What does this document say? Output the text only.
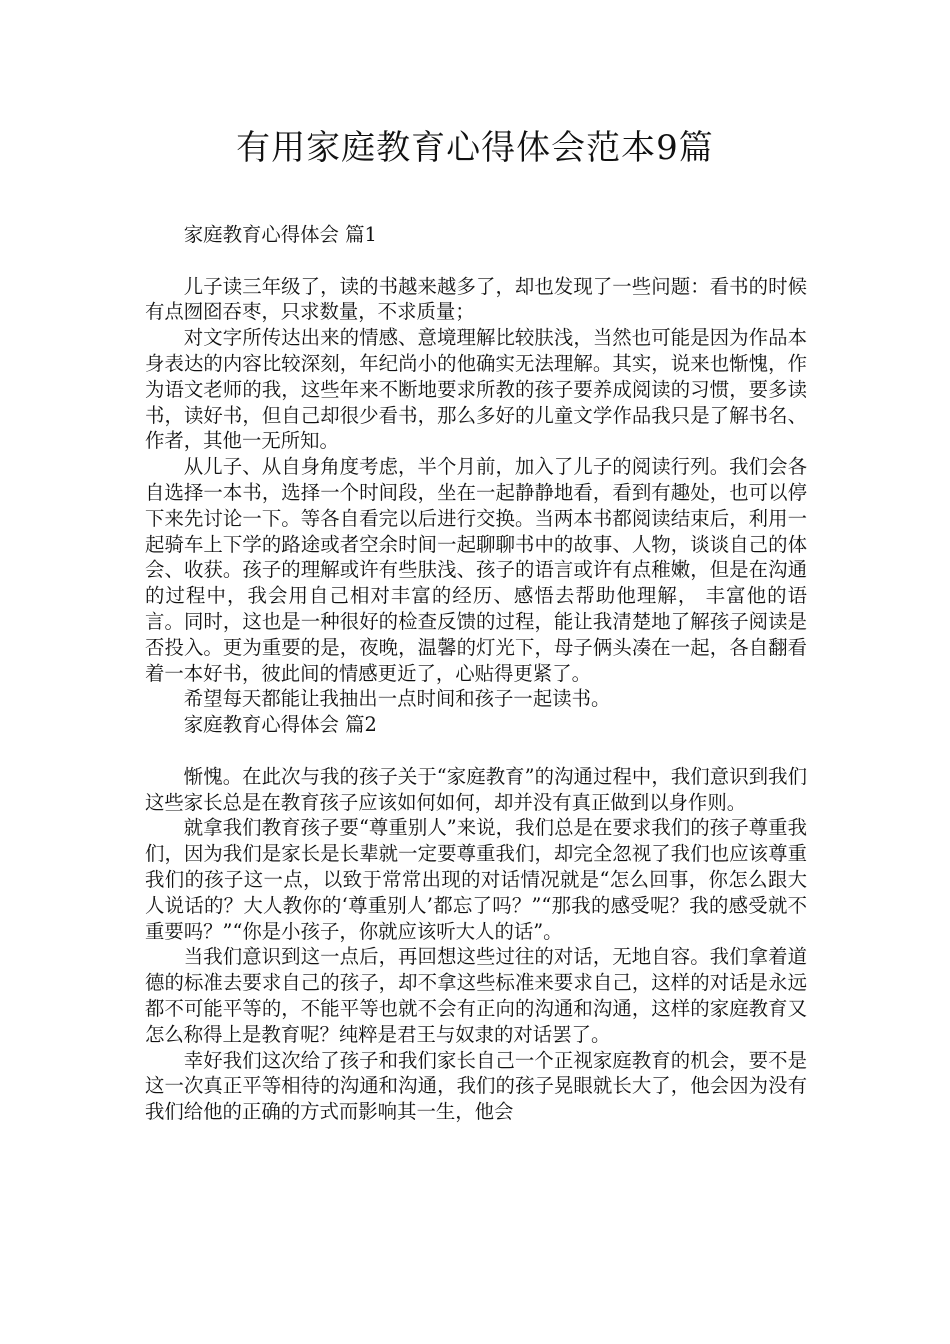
有用家庭教育心得体会范本9篇

家庭教育心得体会 篇1

儿子读三年级了，读的书越来越多了，却也发现了一些问题：看书的时候有点囫囵吞枣，只求数量，不求质量；

对文字所传达出来的情感、意境理解比较肤浅，当然也可能是因为作品本身表达的内容比较深刻，年纪尚小的他确实无法理解。其实，说来也惭愧，作为语文老师的我，这些年来不断地要求所教的孩子要养成阅读的习惯，要多读书，读好书，但自己却很少看书，那么多好的儿童文学作品我只是了解书名、作者，其他一无所知。

从儿子、从自身角度考虑，半个月前，加入了儿子的阅读行列。我们会各自选择一本书，选择一个时间段，坐在一起静静地看，看到有趣处，也可以停下来先讨论一下。等各自看完以后进行交换。当两本书都阅读结束后，利用一起骑车上下学的路途或者空余时间一起聊聊书中的故事、人物，谈谈自己的体会、收获。孩子的理解或许有些肤浅、孩子的语言或许有点稚嫩，但是在沟通的过程中，我会用自己相对丰富的经历、感悟去帮助他理解， 丰富他的语言。同时，这也是一种很好的检查反馈的过程，能让我清楚地了解孩子阅读是否投入。更为重要的是，夜晚，温馨的灯光下，母子俩头凑在一起，各自翻看着一本好书，彼此间的情感更近了，心贴得更紧了。

希望每天都能让我抽出一点时间和孩子一起读书。

家庭教育心得体会 篇2

惭愧。在此次与我的孩子关于“家庭教育”的沟通过程中，我们意识到我们这些家长总是在教育孩子应该如何如何，却并没有真正做到以身作则。

就拿我们教育孩子要“尊重别人”来说，我们总是在要求我们的孩子尊重我们，因为我们是家长是长辈就一定要尊重我们，却完全忽视了我们也应该尊重我们的孩子这一点，以致于常常出现的对话情况就是“怎么回事，你怎么跟大人说话的？大人教你的‘尊重别人’都忘了吗？”“那我的感受呢？我的感受就不重要吗？”“你是小孩子，你就应该听大人的话”。

当我们意识到这一点后，再回想这些过往的对话，无地自容。我们拿着道德的标准去要求自己的孩子，却不拿这些标准来要求自己，这样的对话是永远都不可能平等的，不能平等也就不会有正向的沟通和沟通，这样的家庭教育又怎么称得上是教育呢？纯粹是君王与奴隶的对话罢了。

幸好我们这次给了孩子和我们家长自己一个正视家庭教育的机会，要不是这一次真正平等相待的沟通和沟通，我们的孩子晃眼就长大了，他会因为没有我们给他的正确的方式而影响其一生，他会
